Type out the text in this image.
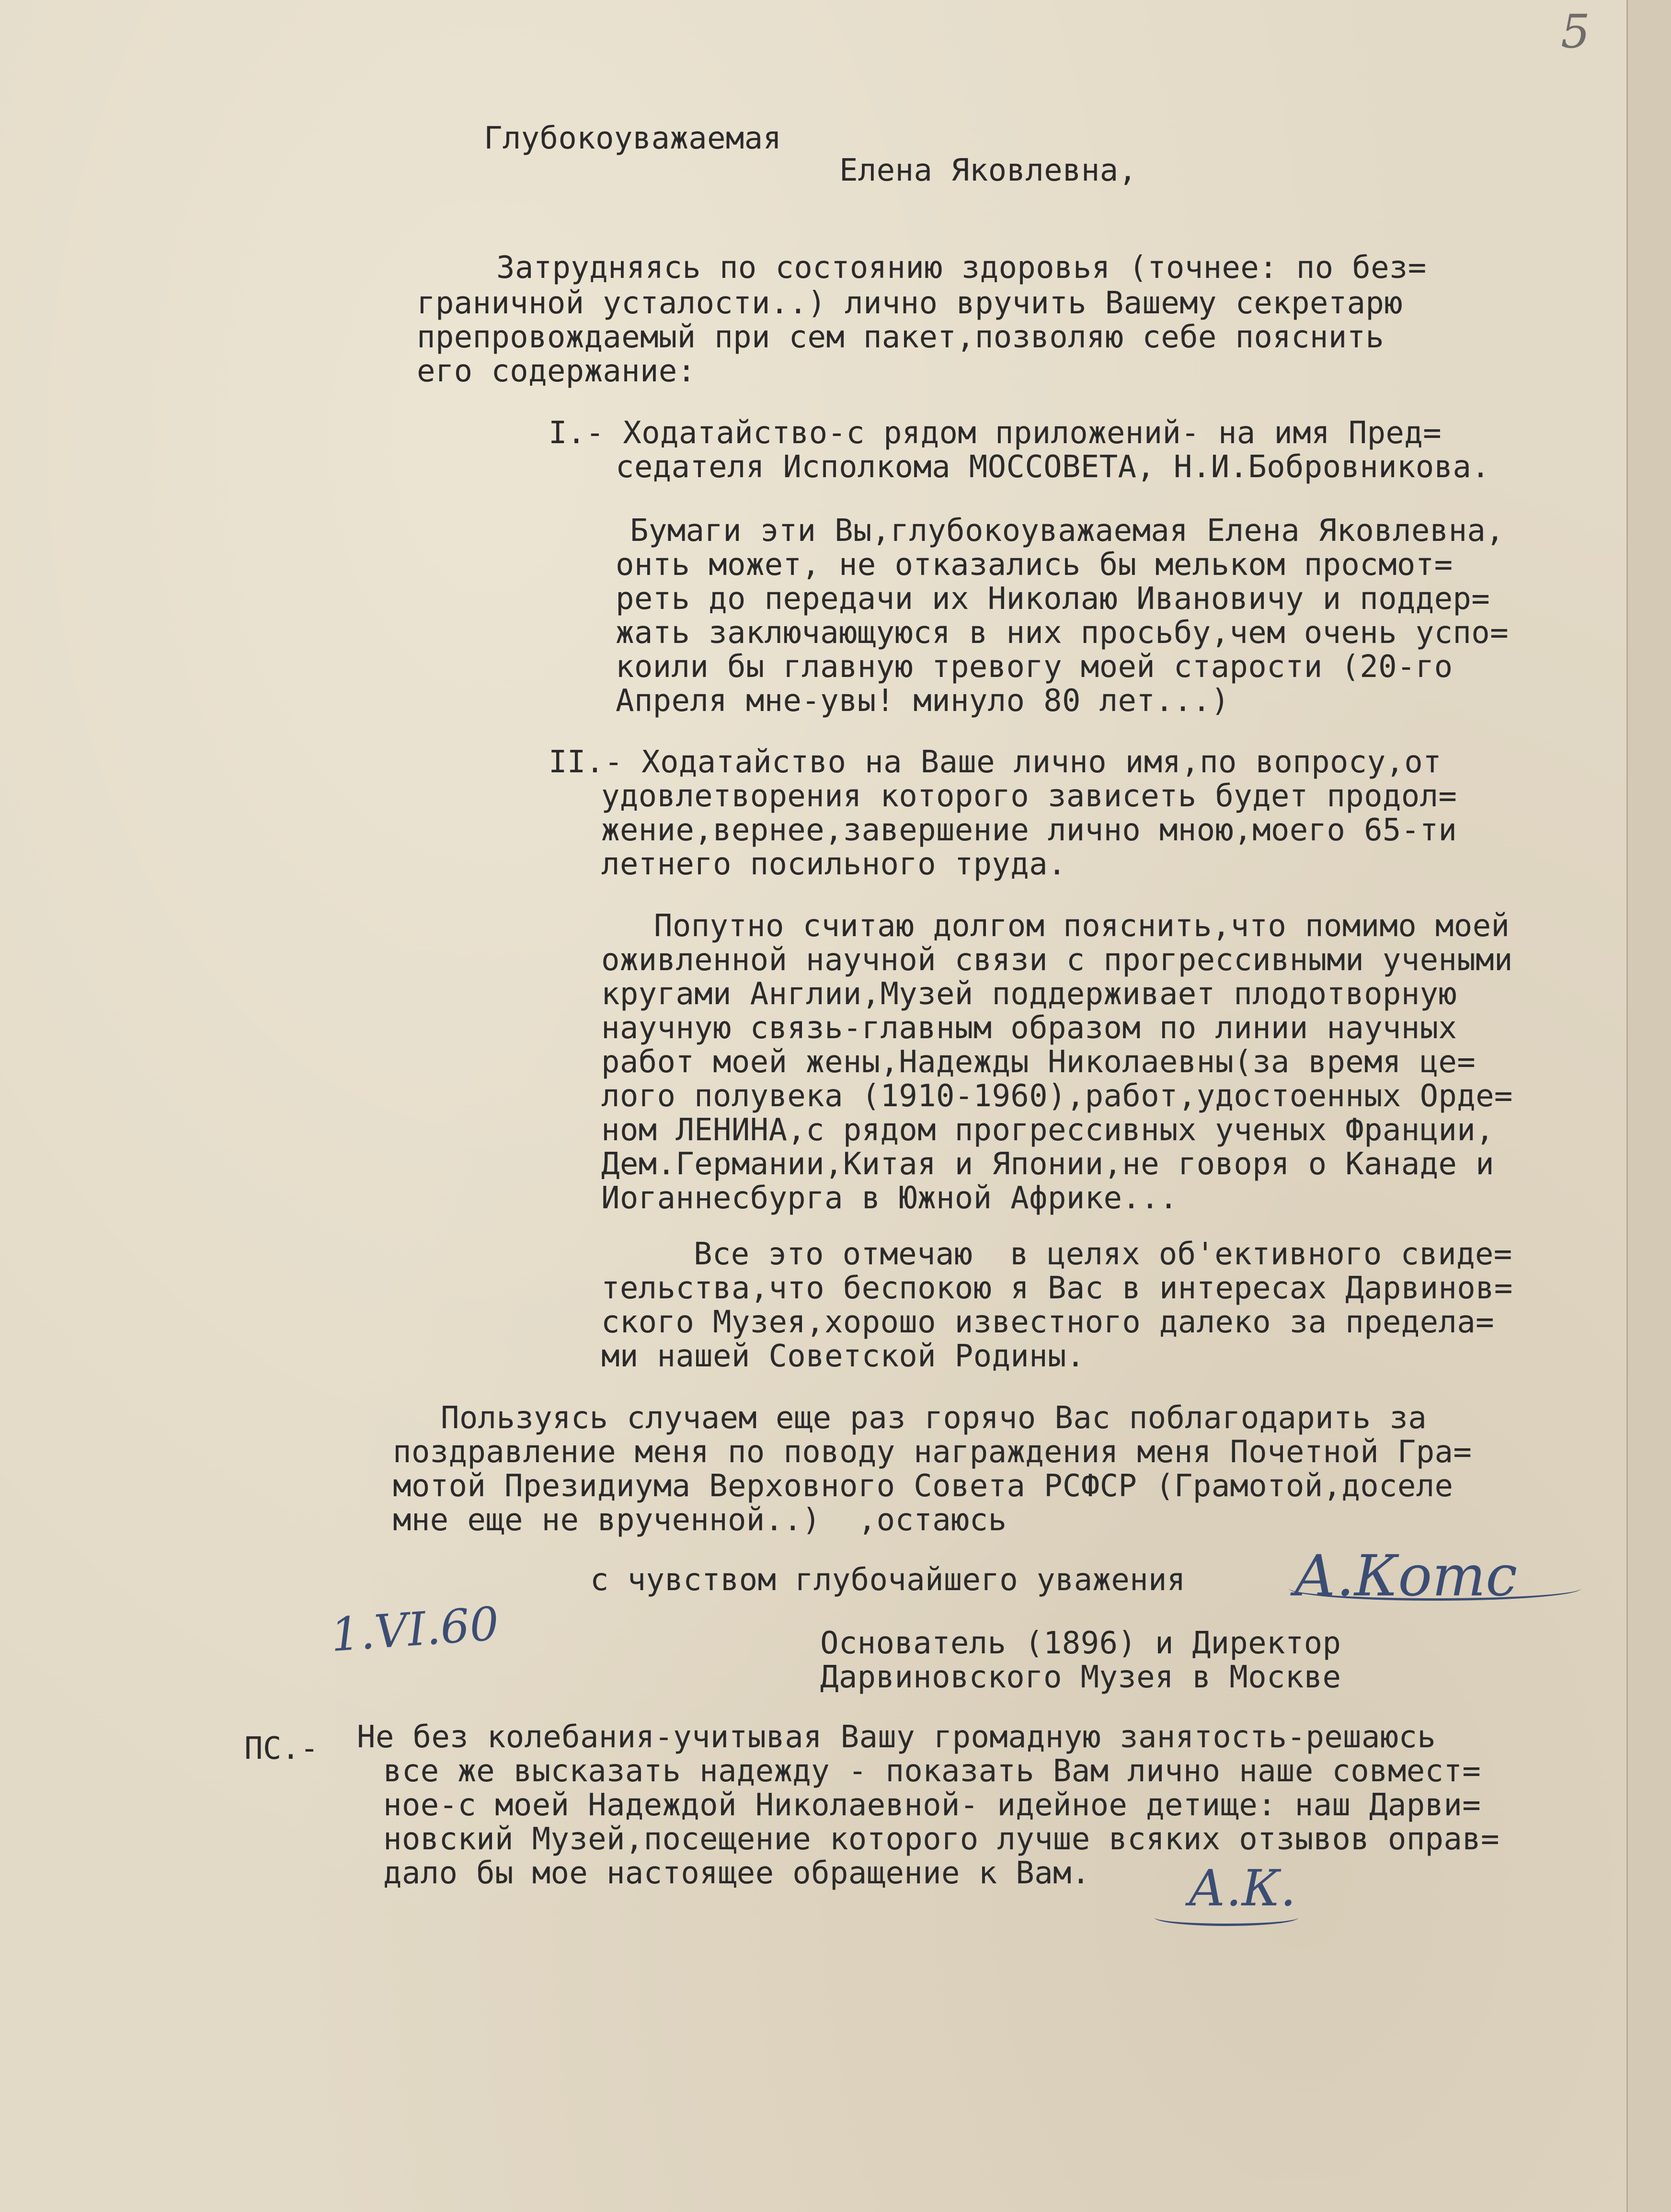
5
Глубокоуважаемая
Елена Яковлевна,
Затрудняясь по состоянию здоровья (точнее: по без=
граничной усталости..) лично вручить Вашему секретарю
препровождаемый при сем пакет,позволяю себе пояснить
его содержание:
I.- Ходатайство-с рядом приложений- на имя Пред=
седателя Исполкома МОССОВЕТА, Н.И.Бобровникова.
Бумаги эти Вы,глубокоуважаемая Елена Яковлевна,
онть может, не отказались бы мельком просмот=
реть до передачи их Николаю Ивановичу и поддер=
жать заключающуюся в них просьбу,чем очень успо=
коили бы главную тревогу моей старости (20-го
Апреля мне-увы! минуло 80 лет...)
II.- Ходатайство на Ваше лично имя,по вопросу,от
удовлетворения которого зависеть будет продол=
жение,вернее,завершение лично мною,моего 65-ти
летнего посильного труда.
Попутно считаю долгом пояснить,что помимо моей
оживленной научной связи с прогрессивными учеными
кругами Англии,Музей поддерживает плодотворную
научную связь-главным образом по линии научных
работ моей жены,Надежды Николаевны(за время це=
лого полувека (1910-1960),работ,удостоенных Орде=
ном ЛЕНИНА,с рядом прогрессивных ученых Франции,
Дем.Германии,Китая и Японии,не говоря о Канаде и
Иоганнесбурга в Южной Африке...
Все это отмечаю  в целях об'ективного свиде=
тельства,что беспокою я Вас в интересах Дарвинов=
ского Музея,хорошо известного далеко за предела=
ми нашей Советской Родины.
Пользуясь случаем еще раз горячо Вас поблагодарить за
поздравление меня по поводу награждения меня Почетной Гра=
мотой Президиума Верховного Совета РСФСР (Грамотой,доселе
мне еще не врученной..)  ,остаюсь
с чувством глубочайшего уважения А.Котс
1.VI.60	Основатель (1896) и Директор
Дарвиновского Музея в Москве
ПС.- Не без колебания-учитывая Вашу громадную занятость-решаюсь
все же высказать надежду - показать Вам лично наше совмест=
ное-с моей Надеждой Николаевной- идейное детище: наш Дарви=
новский Музей,посещение которого лучше всяких отзывов оправ=
дало бы мое настоящее обращение к Вам. А.К.
